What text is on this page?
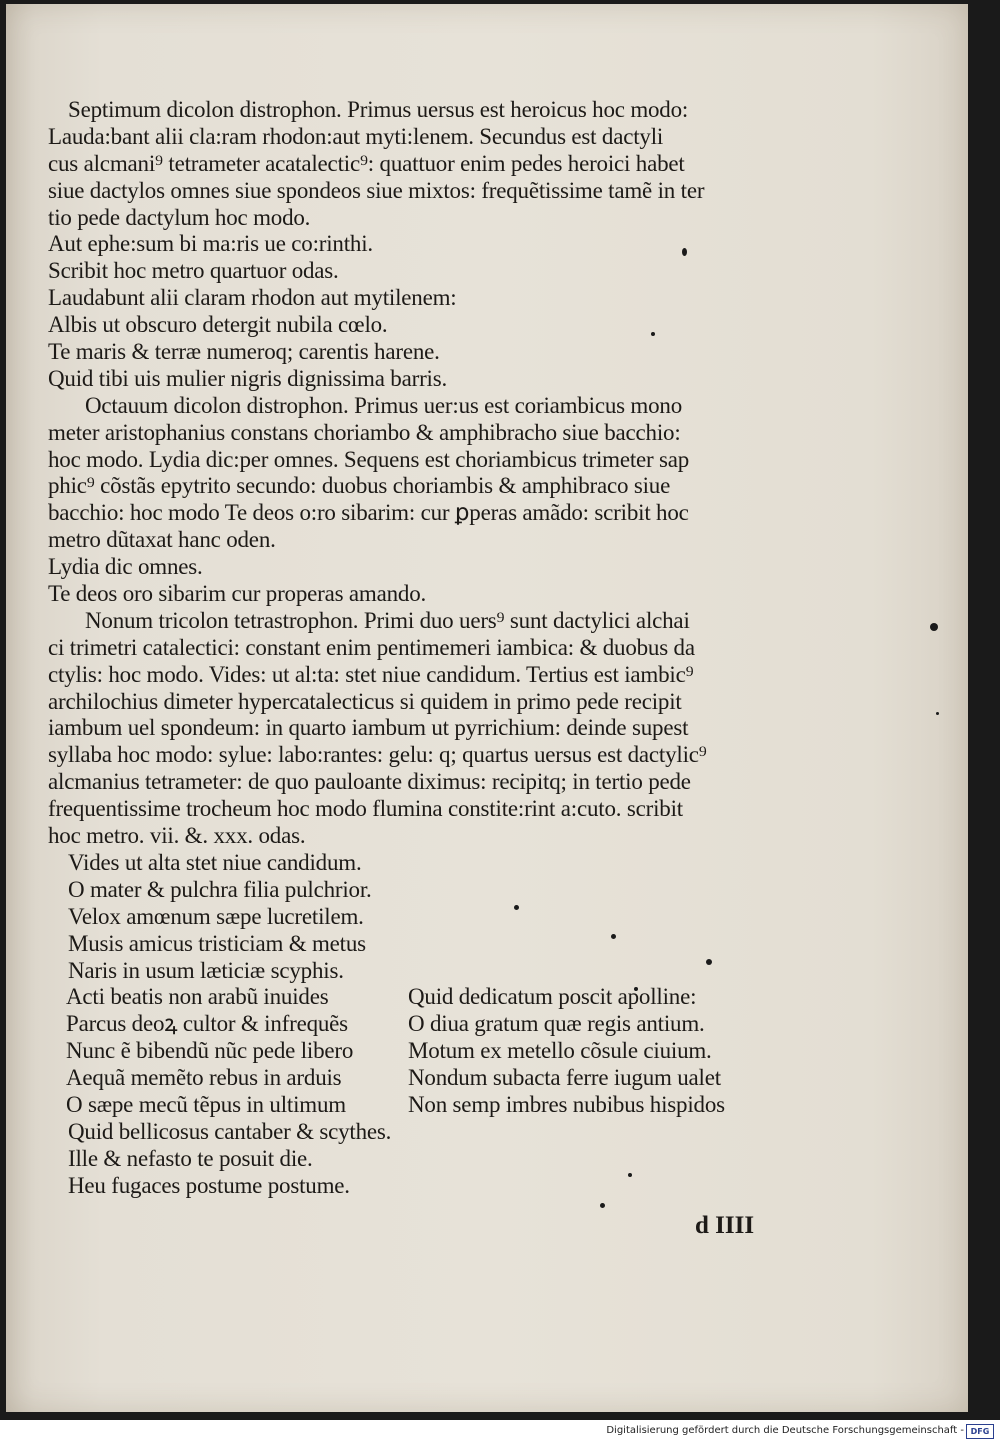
Septimum dicolon distrophon. Primus uersus est heroicus hoc modo:
Lauda:bant alii cla:ram rhodon:aut myti:lenem. Secundus est dactyli
cus alcmani⁹ tetrameter acatalectic⁹: quattuor enim pedes heroici habet
siue dactylos omnes siue spondeos siue mixtos: frequẽtissime tamẽ in ter
tio pede dactylum hoc modo.
Aut ephe:sum bi ma:ris ue co:rinthi.
Scribit hoc metro quartuor odas.
Laudabunt alii claram rhodon aut mytilenem:
Albis ut obscuro detergit nubila cœlo.
Te maris & terræ numeroq; carentis harene.
Quid tibi uis mulier nigris dignissima barris.
Octauum dicolon distrophon. Primus uer:us est coriambicus mono
meter aristophanius constans choriambo & amphibracho siue bacchio:
hoc modo. Lydia dic:per omnes. Sequens est choriambicus trimeter sap
phic⁹ cõstãs epytrito secundo: duobus choriambis & amphibraco siue
bacchio: hoc modo Te deos o:ro sibarim: cur ꝑperas amãdo: scribit hoc
metro dũtaxat hanc oden.
Lydia dic omnes.
Te deos oro sibarim cur properas amando.
Nonum tricolon tetrastrophon. Primi duo uers⁹ sunt dactylici alchai
ci trimetri catalectici: constant enim pentimemeri iambica: & duobus da
ctylis: hoc modo. Vides: ut al:ta: stet niue candidum. Tertius est iambic⁹
archilochius dimeter hypercatalecticus si quidem in primo pede recipit
iambum uel spondeum: in quarto iambum ut pyrrichium: deinde supest
syllaba hoc modo: sylue: labo:rantes: gelu: q; quartus uersus est dactylic⁹
alcmanius tetrameter: de quo pauloante diximus: recipitq; in tertio pede
frequentissime trocheum hoc modo flumina constite:rint a:cuto. scribit
hoc metro. vii. &. xxx. odas.
Vides ut alta stet niue candidum.
O mater & pulchra filia pulchrior.
Velox amœnum sæpe lucretilem.
Musis amicus tristiciam & metus
Naris in usum læticiæ scyphis.
Acti beatis non arabũ inuides	Quid dedicatum poscit apolline:
Parcus deoꝝ cultor & infrequẽs	O diua gratum quæ regis antium.
Nunc ẽ bibendũ nũc pede libero	Motum ex metello cõsule ciuium.
Aequã memẽto rebus in arduis	Nondum subacta ferre iugum ualet
O sæpe mecũ tẽpus in ultimum	Non semp imbres nubibus hispidos
Quid bellicosus cantaber & scythes.
Ille & nefasto te posuit die.
Heu fugaces postume postume.
d IIII
Digitalisierung gefördert durch die Deutsche Forschungsgemeinschaft - DFG
